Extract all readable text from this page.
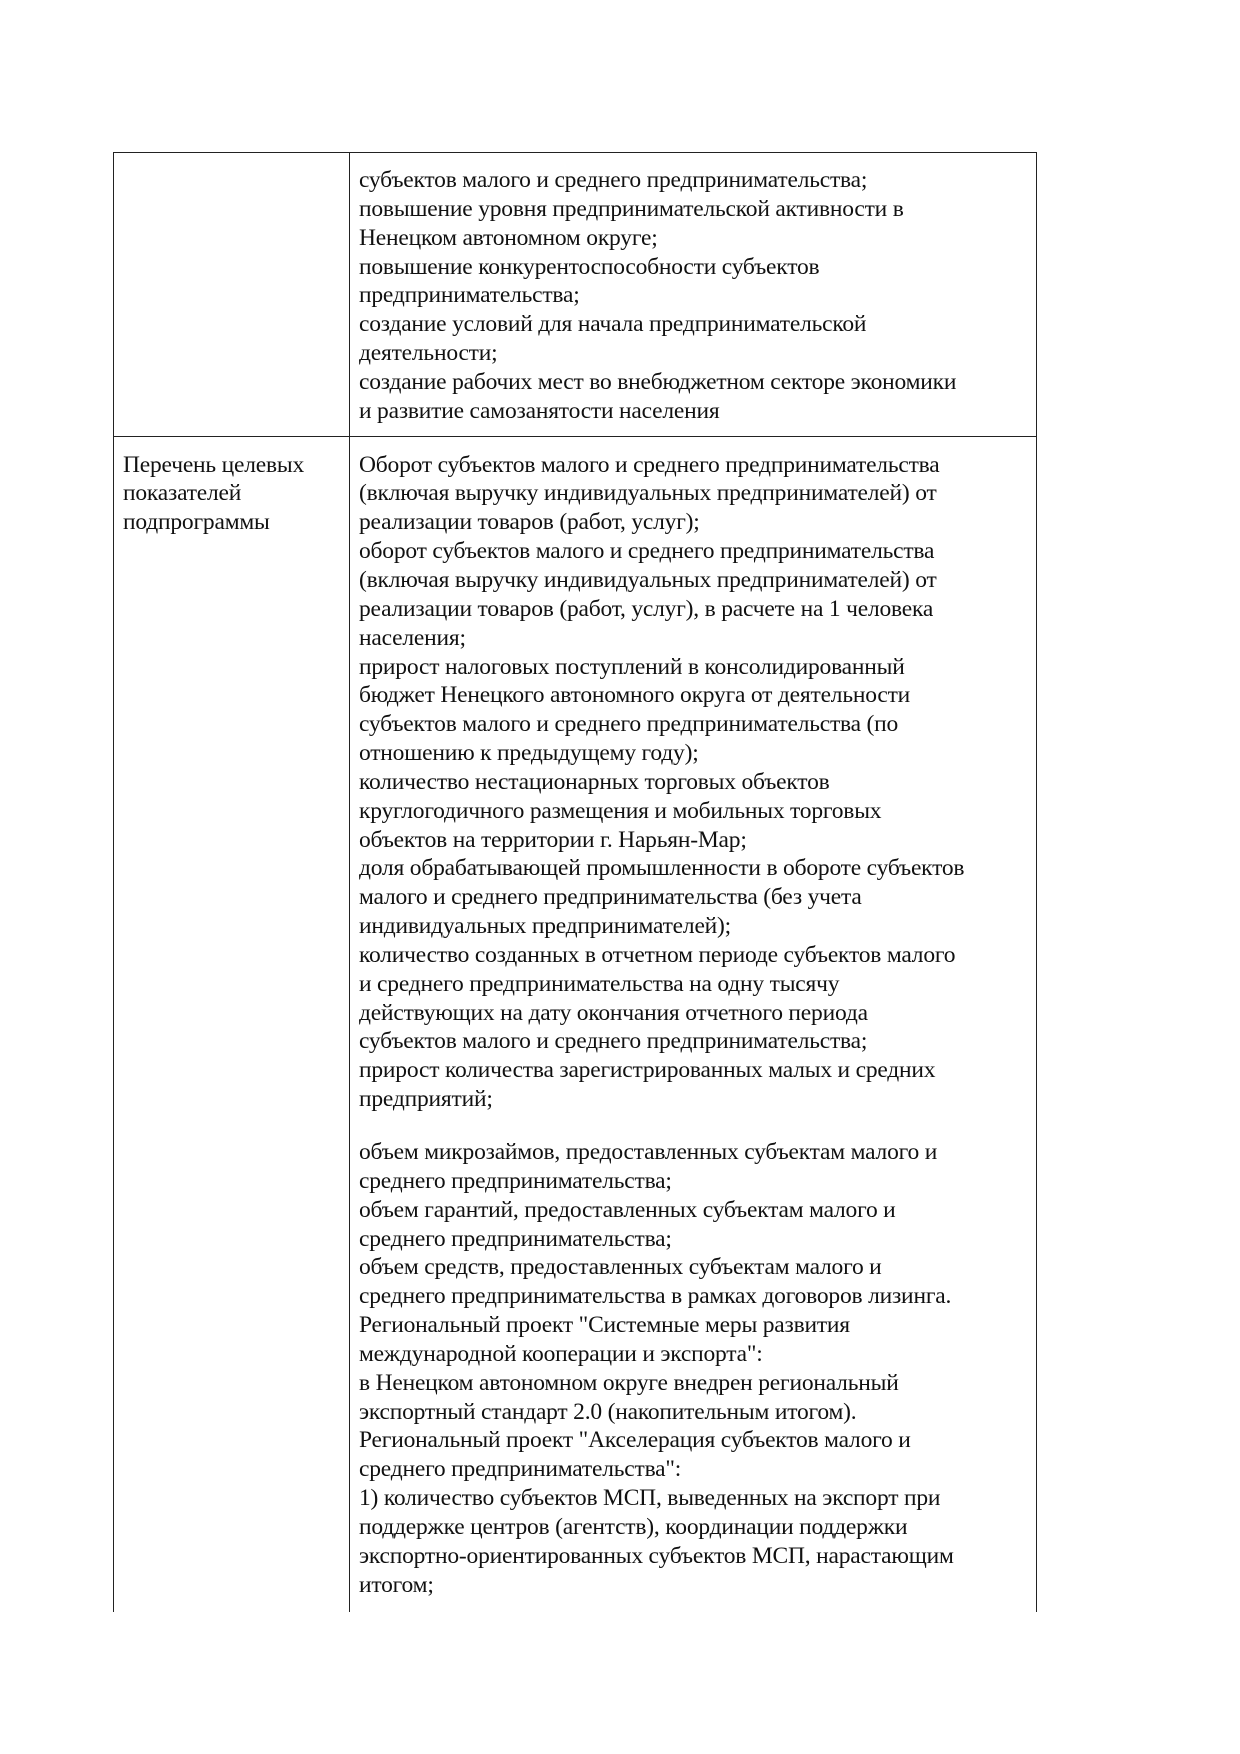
субъектов малого и среднего предпринимательства;
повышение уровня предпринимательской активности в
Ненецком автономном округе;
повышение конкурентоспособности субъектов
предпринимательства;
создание условий для начала предпринимательской
деятельности;
создание рабочих мест во внебюджетном секторе экономики
и развитие самозанятости населения
Перечень целевых
показателей
подпрограммы
Оборот субъектов малого и среднего предпринимательства
(включая выручку индивидуальных предпринимателей) от
реализации товаров (работ, услуг);
оборот субъектов малого и среднего предпринимательства
(включая выручку индивидуальных предпринимателей) от
реализации товаров (работ, услуг), в расчете на 1 человека
населения;
прирост налоговых поступлений в консолидированный
бюджет Ненецкого автономного округа от деятельности
субъектов малого и среднего предпринимательства (по
отношению к предыдущему году);
количество нестационарных торговых объектов
круглогодичного размещения и мобильных торговых
объектов на территории г. Нарьян-Мар;
доля обрабатывающей промышленности в обороте субъектов
малого и среднего предпринимательства (без учета
индивидуальных предпринимателей);
количество созданных в отчетном периоде субъектов малого
и среднего предпринимательства на одну тысячу
действующих на дату окончания отчетного периода
субъектов малого и среднего предпринимательства;
прирост количества зарегистрированных малых и средних
предприятий;
объем микрозаймов, предоставленных субъектам малого и
среднего предпринимательства;
объем гарантий, предоставленных субъектам малого и
среднего предпринимательства;
объем средств, предоставленных субъектам малого и
среднего предпринимательства в рамках договоров лизинга.
Региональный проект "Системные меры развития
международной кооперации и экспорта":
в Ненецком автономном округе внедрен региональный
экспортный стандарт 2.0 (накопительным итогом).
Региональный проект "Акселерация субъектов малого и
среднего предпринимательства":
1) количество субъектов МСП, выведенных на экспорт при
поддержке центров (агентств), координации поддержки
экспортно-ориентированных субъектов МСП, нарастающим
итогом;
